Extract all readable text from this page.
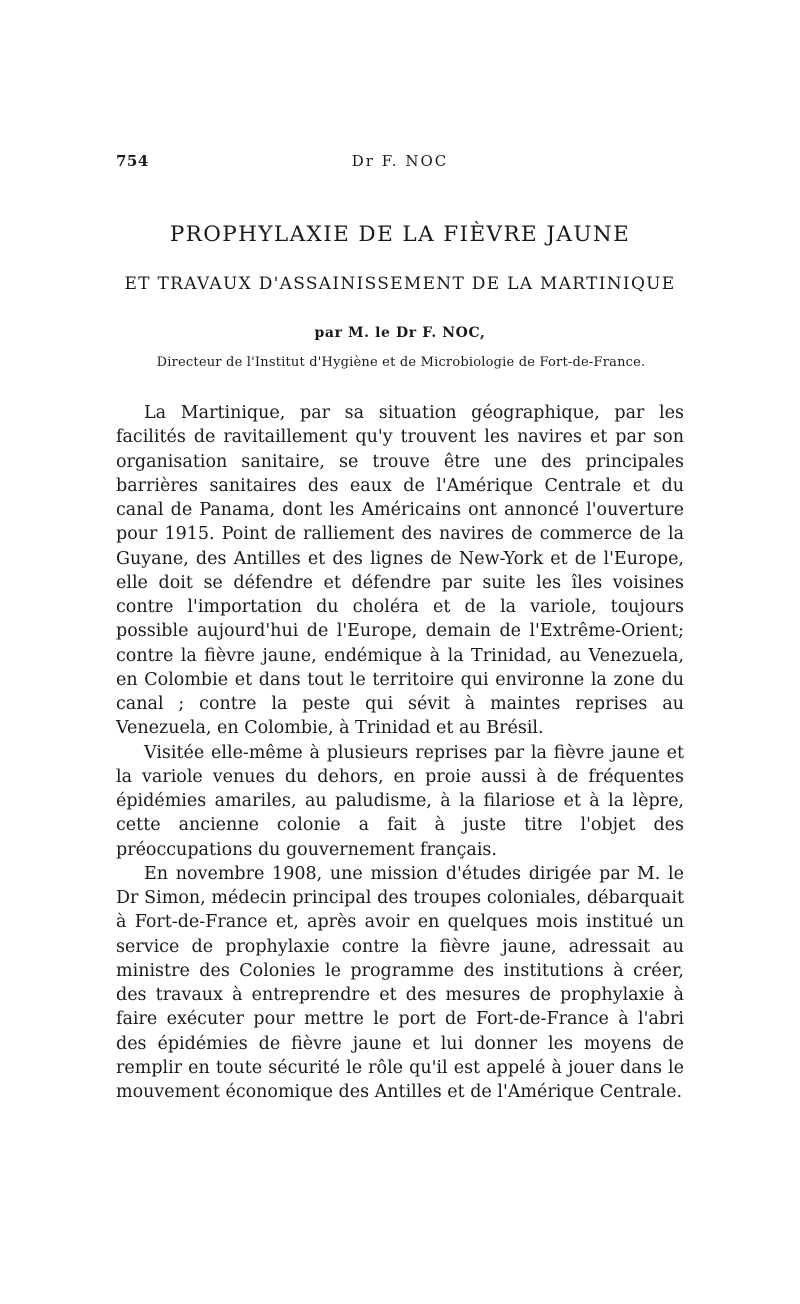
754	Dr F. NOC
PROPHYLAXIE DE LA FIÈVRE JAUNE
ET TRAVAUX D'ASSAINISSEMENT DE LA MARTINIQUE
par M. le Dr F. NOC,
Directeur de l'Institut d'Hygiène et de Microbiologie de Fort-de-France.

La Martinique, par sa situation géographique, par les facilités de ravitaillement qu'y trouvent les navires et par son organisation sanitaire, se trouve être une des principales barrières sanitaires des eaux de l'Amérique Centrale et du canal de Panama, dont les Américains ont annoncé l'ouverture pour 1915. Point de ralliement des navires de commerce de la Guyane, des Antilles et des lignes de New-York et de l'Europe, elle doit se défendre et défendre par suite les îles voisines contre l'importation du choléra et de la variole, toujours possible aujourd'hui de l'Europe, demain de l'Extrême-Orient; contre la fièvre jaune, endémique à la Trinidad, au Venezuela, en Colombie et dans tout le territoire qui environne la zone du canal ; contre la peste qui sévit à maintes reprises au Venezuela, en Colombie, à Trinidad et au Brésil.

Visitée elle-même à plusieurs reprises par la fièvre jaune et la variole venues du dehors, en proie aussi à de fréquentes épidémies amariles, au paludisme, à la filariose et à la lèpre, cette ancienne colonie a fait à juste titre l'objet des préoccupations du gouvernement français.

En novembre 1908, une mission d'études dirigée par M. le Dr Simon, médecin principal des troupes coloniales, débarquait à Fort-de-France et, après avoir en quelques mois institué un service de prophylaxie contre la fièvre jaune, adressait au ministre des Colonies le programme des institutions à créer, des travaux à entreprendre et des mesures de prophylaxie à faire exécuter pour mettre le port de Fort-de-France à l'abri des épidémies de fièvre jaune et lui donner les moyens de remplir en toute sécurité le rôle qu'il est appelé à jouer dans le mouvement économique des Antilles et de l'Amérique Centrale.
